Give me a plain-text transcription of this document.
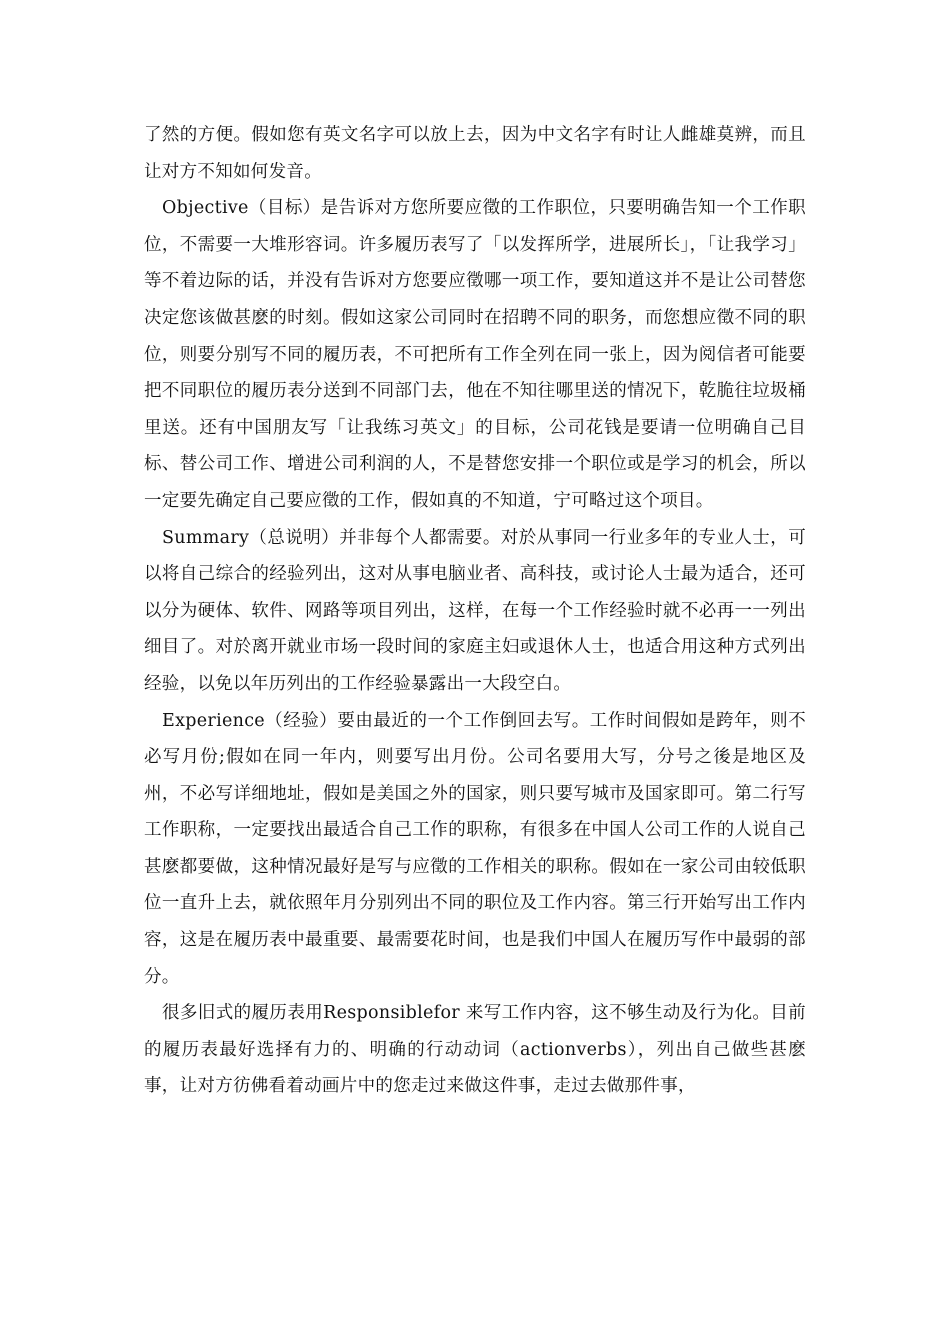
了然的方便。假如您有英文名字可以放上去，因为中文名字有时让人雌雄莫辨，而且让对方不知如何发音。

Objective（目标）是告诉对方您所要应徵的工作职位，只要明确告知一个工作职位，不需要一大堆形容词。许多履历表写了「以发挥所学，进展所长」，「让我学习」等不着边际的话，并没有告诉对方您要应徵哪一项工作，要知道这并不是让公司替您决定您该做甚麽的时刻。假如这家公司同时在招聘不同的职务，而您想应徵不同的职位，则要分别写不同的履历表，不可把所有工作全列在同一张上，因为阅信者可能要把不同职位的履历表分送到不同部门去，他在不知往哪里送的情况下，乾脆往垃圾桶里送。还有中国朋友写「让我练习英文」的目标，公司花钱是要请一位明确自己目标、替公司工作、增进公司利润的人，不是替您安排一个职位或是学习的机会，所以一定要先确定自己要应徵的工作，假如真的不知道，宁可略过这个项目。

Summary（总说明）并非每个人都需要。对於从事同一行业多年的专业人士，可以将自己综合的经验列出，这对从事电脑业者、高科技，或讨论人士最为适合，还可以分为硬体、软件、网路等项目列出，这样，在每一个工作经验时就不必再一一列出细目了。对於离开就业市场一段时间的家庭主妇或退休人士，也适合用这种方式列出经验，以免以年历列出的工作经验暴露出一大段空白。

Experience（经验）要由最近的一个工作倒回去写。工作时间假如是跨年，则不必写月份;假如在同一年内，则要写出月份。公司名要用大写，分号之後是地区及州，不必写详细地址，假如是美国之外的国家，则只要写城市及国家即可。第二行写工作职称，一定要找出最适合自己工作的职称，有很多在中国人公司工作的人说自己甚麽都要做，这种情况最好是写与应徵的工作相关的职称。假如在一家公司由较低职位一直升上去，就依照年月分别列出不同的职位及工作内容。第三行开始写出工作内容，这是在履历表中最重要、最需要花时间，也是我们中国人在履历写作中最弱的部分。

很多旧式的履历表用Responsiblefor 来写工作内容，这不够生动及行为化。目前的履历表最好选择有力的、明确的行动动词（actionverbs），列出自己做些甚麽事，让对方彷佛看着动画片中的您走过来做这件事，走过去做那件事，
